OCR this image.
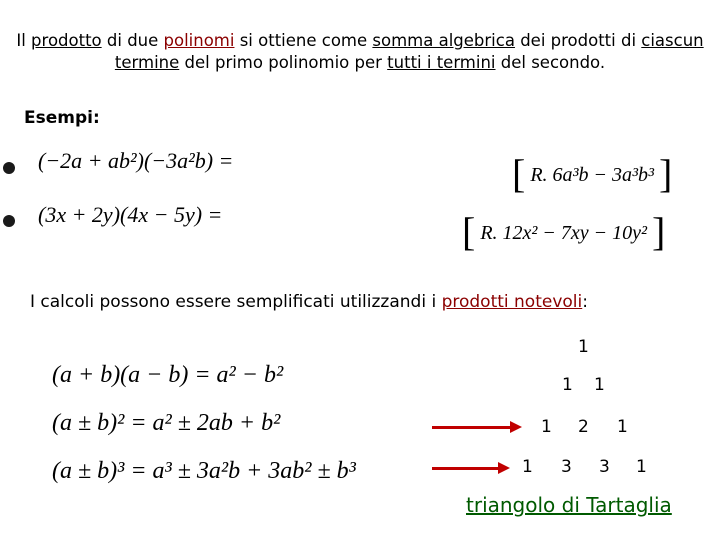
Il prodotto di due polinomi si ottiene come somma algebrica dei prodotti di ciascun termine del primo polinomio per tutti i termini del secondo.
Esempi:
(−2a + ab²)(−3a²b) =	[ R. 6a³b − 3a³b³ ]
(3x + 2y)(4x − 5y) =	[ R. 12x² − 7xy − 10y² ]
I calcoli possono essere semplificati utilizzandi i prodotti notevoli:
(a + b)(a − b) = a² − b²
(a ± b)² = a² ± 2ab + b²
(a ± b)³ = a³ ± 3a²b + 3ab² ± b³
1
1 1
1 2 1
1 3 3 1
triangolo di Tartaglia
